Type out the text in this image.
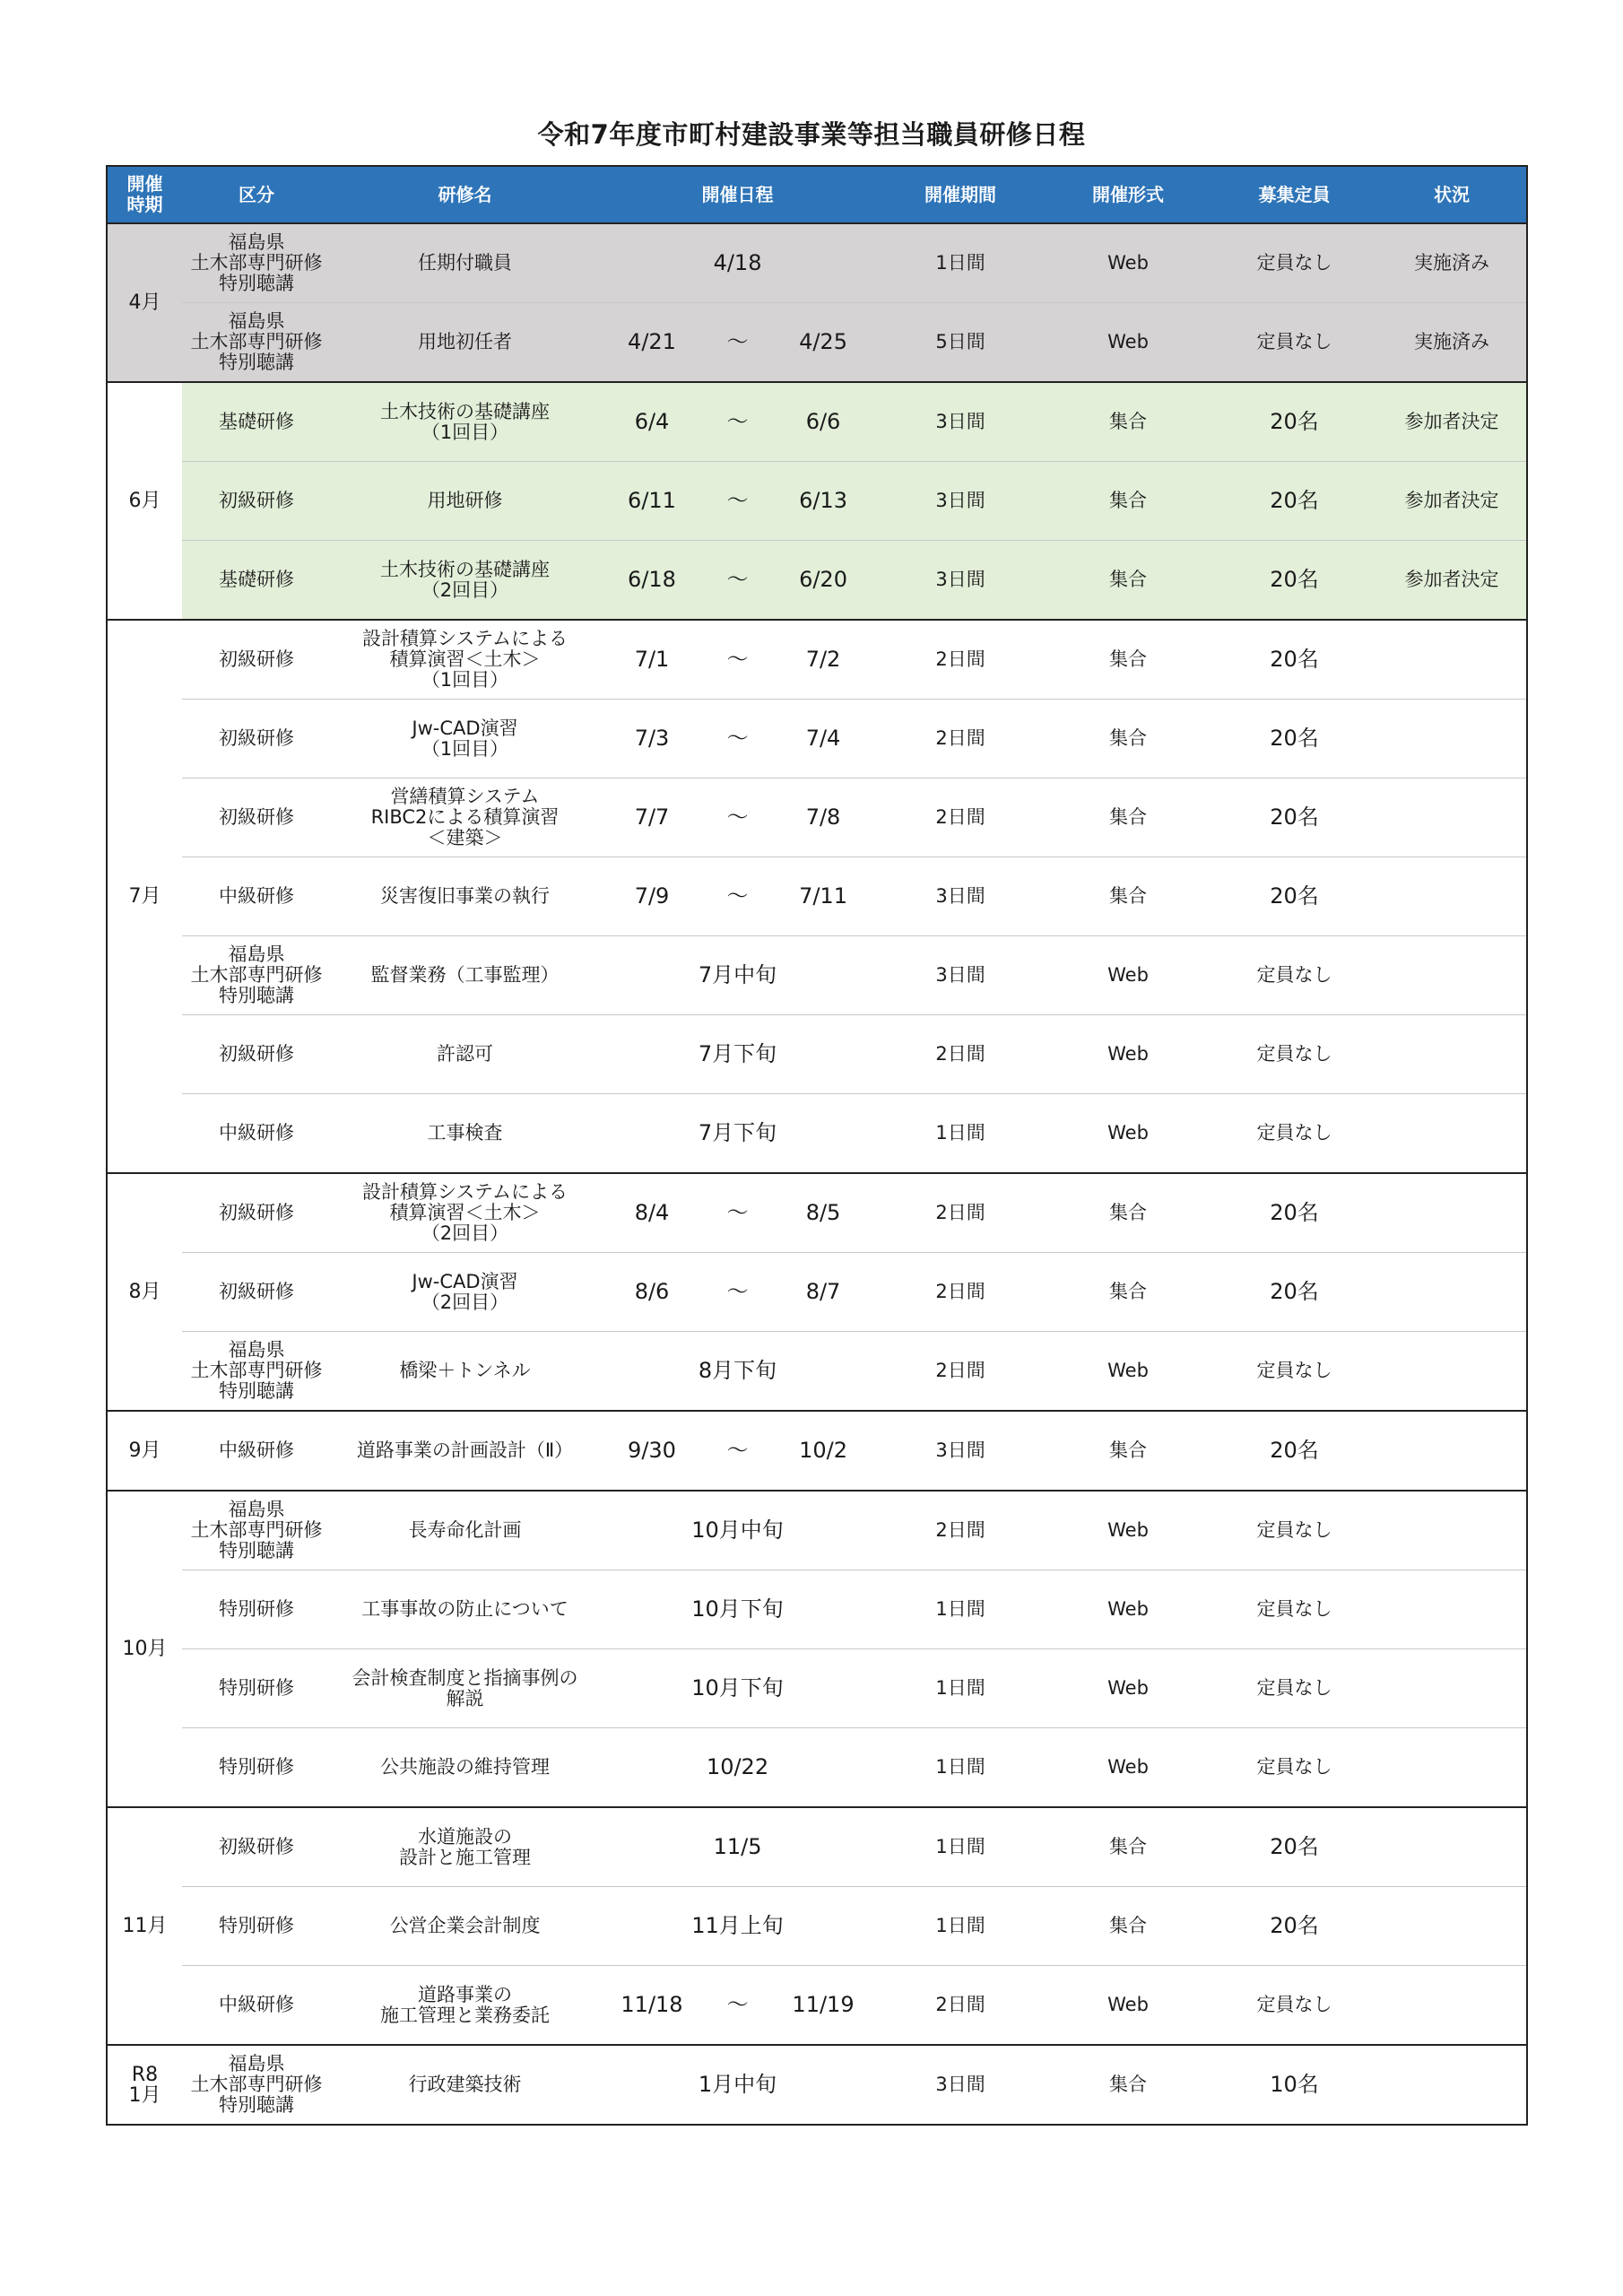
令和7年度市町村建設事業等担当職員研修日程
開催
時期	区分	研修名	開催日程			開催期間	開催形式	募集定員	状況
4月	福島県
土木部専門研修
特別聴講	任期付職員	4/18			1日間	Web	定員なし	実施済み
	福島県
土木部専門研修
特別聴講	用地初任者	4/21	～	4/25	5日間	Web	定員なし	実施済み
6月	基礎研修	土木技術の基礎講座
（1回目）	6/4	～	6/6	3日間	集合	20名	参加者決定
	初級研修	用地研修	6/11	～	6/13	3日間	集合	20名	参加者決定
	基礎研修	土木技術の基礎講座
（2回目）	6/18	～	6/20	3日間	集合	20名	参加者決定
7月	初級研修	設計積算システムによる
積算演習＜土木＞
（1回目）	7/1	～	7/2	2日間	集合	20名	
	初級研修	Jw-CAD演習
（1回目）	7/3	～	7/4	2日間	集合	20名	
	初級研修	営繕積算システム
RIBC2による積算演習
＜建築＞	7/7	～	7/8	2日間	集合	20名	
	中級研修	災害復旧事業の執行	7/9	～	7/11	3日間	集合	20名	
	福島県
土木部専門研修
特別聴講	監督業務（工事監理）	7月中旬			3日間	Web	定員なし	
	初級研修	許認可	7月下旬			2日間	Web	定員なし	
	中級研修	工事検査	7月下旬			1日間	Web	定員なし	
8月	初級研修	設計積算システムによる
積算演習＜土木＞
（2回目）	8/4	～	8/5	2日間	集合	20名	
	初級研修	Jw-CAD演習
（2回目）	8/6	～	8/7	2日間	集合	20名	
	福島県
土木部専門研修
特別聴講	橋梁＋トンネル	8月下旬			2日間	Web	定員なし	
9月	中級研修	道路事業の計画設計（Ⅱ）	9/30	～	10/2	3日間	集合	20名	
10月	福島県
土木部専門研修
特別聴講	長寿命化計画	10月中旬			2日間	Web	定員なし	
	特別研修	工事事故の防止について	10月下旬			1日間	Web	定員なし	
	特別研修	会計検査制度と指摘事例の
解説	10月下旬			1日間	Web	定員なし	
	特別研修	公共施設の維持管理	10/22			1日間	Web	定員なし	
11月	初級研修	水道施設の
設計と施工管理	11/5			1日間	集合	20名	
	特別研修	公営企業会計制度	11月上旬			1日間	集合	20名	
	中級研修	道路事業の
施工管理と業務委託	11/18	～	11/19	2日間	Web	定員なし	
R8
1月	福島県
土木部専門研修
特別聴講	行政建築技術	1月中旬			3日間	集合	10名	
